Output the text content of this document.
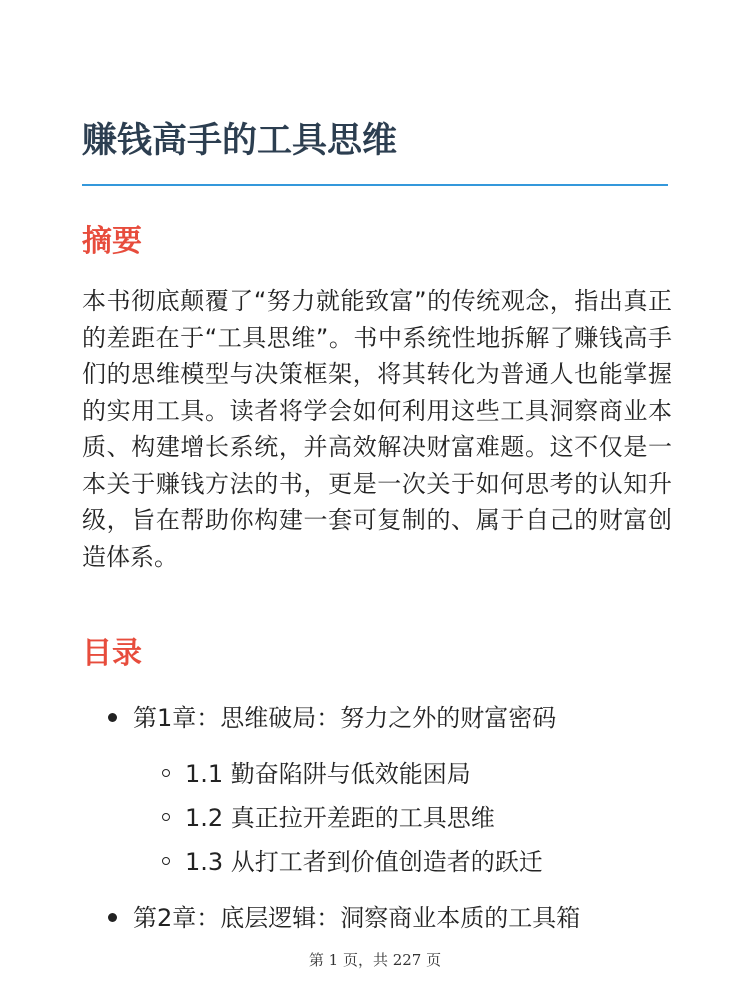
赚钱高手的工具思维
摘要

本书彻底颠覆了“努力就能致富”的传统观念，指出真正的差距在于“工具思维”。书中系统性地拆解了赚钱高手们的思维模型与决策框架，将其转化为普通人也能掌握的实用工具。读者将学会如何利用这些工具洞察商业本质、构建增长系统，并高效解决财富难题。这不仅是一本关于赚钱方法的书，更是一次关于如何思考的认知升级，旨在帮助你构建一套可复制的、属于自己的财富创造体系。

目录
第1章：思维破局：努力之外的财富密码
1.1 勤奋陷阱与低效能困局
1.2 真正拉开差距的工具思维
1.3 从打工者到价值创造者的跃迁
第2章：底层逻辑：洞察商业本质的工具箱
第 1 页，共 227 页
